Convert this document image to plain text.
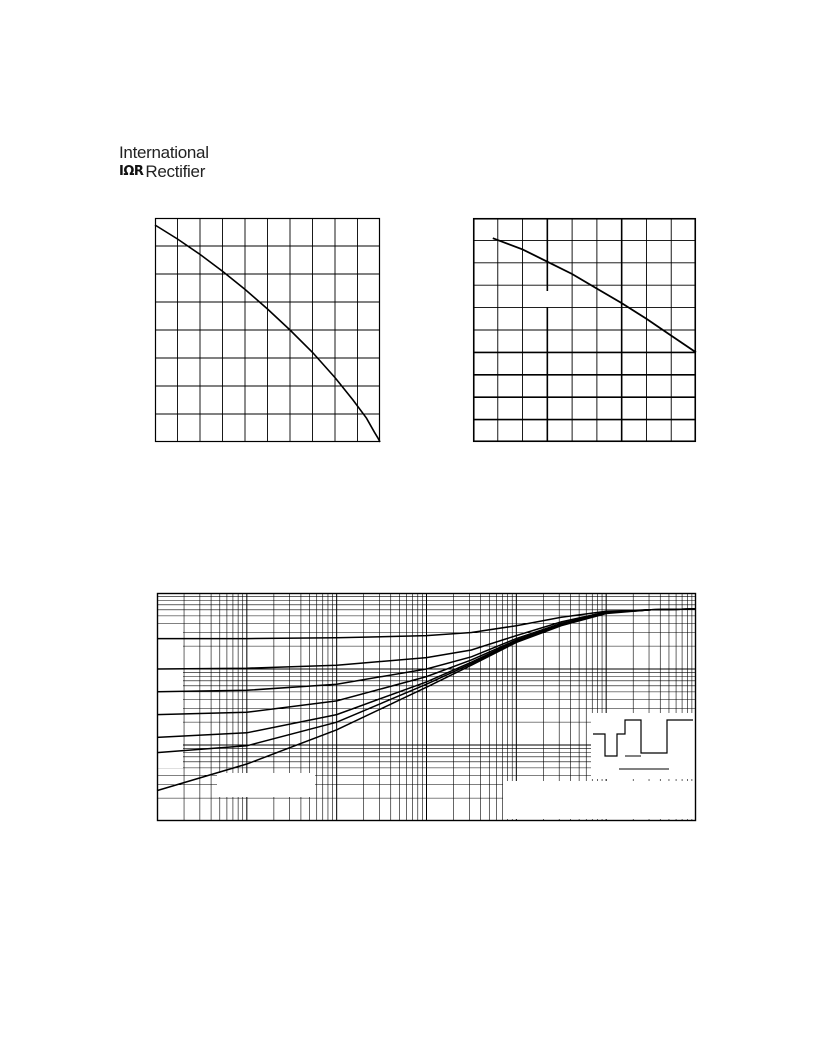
International
IΩR Rectifier
